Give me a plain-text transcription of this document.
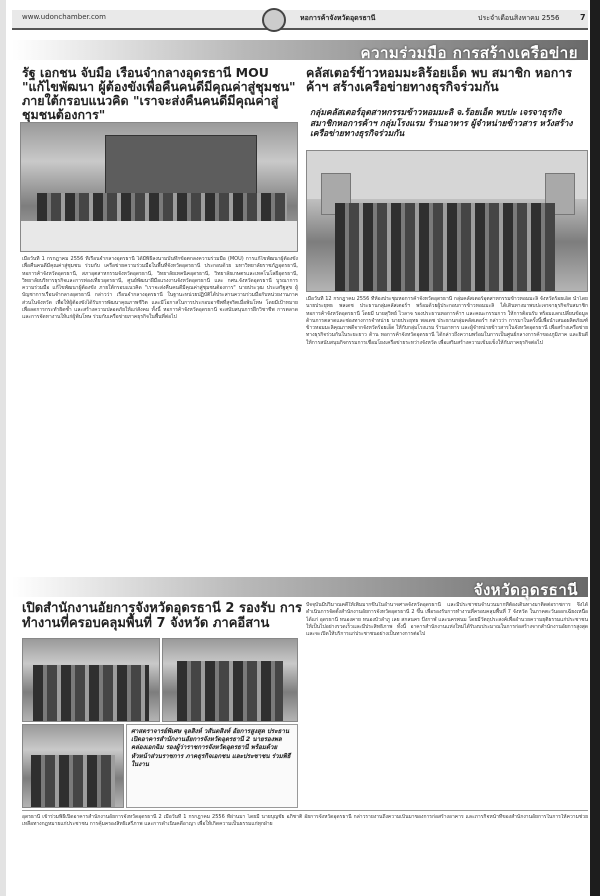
www.udonchamber.com	หอการค้าจังหวัดอุดรธานี	ประจำเดือนสิงหาคม 2556	7
ความร่วมมือ การสร้างเครือข่าย
รัฐ เอกชน จับมือ เรือนจำกลางอุดรธานี MOU "แก้ไขพัฒนา ผู้ต้องขังเพื่อคืนคนดีมีคุณค่าสู่ชุมชน" ภายใต้กรอบแนวคิด "เราจะส่งคืนคนดีมีคุณค่าสู่ชุมชนต้องการ"
เมื่อวันที่ 1 กรกฎาคม 2556 ที่เรือนจำกลางอุดรธานี ได้มีพิธีลงนามบันทึกข้อตกลงความร่วมมือ (MOU) การแก้ไขพัฒนาผู้ต้องขังเพื่อคืนคนดีมีคุณค่าสู่ชุมชน ร่วมกับ เครือข่ายความร่วมมือในพื้นที่จังหวัดอุดรธานี ประกอบด้วย มหาวิทยาลัยราชภัฏอุดรธานี, หอการค้าจังหวัดอุดรธานี, สภาอุตสาหกรรมจังหวัดอุดรธานี, วิทยาลัยเทคนิคอุดรธานี, วิทยาลัยเกษตรและเทคโนโลยีอุดรธานี, วิทยาลัยบริหารธุรกิจและการท่องเที่ยวอุดรธานี, ศูนย์พัฒนาฝีมือแรงงานจังหวัดอุดรธานี และ กศน.จังหวัดอุดรธานี บูรณาการความร่วมมือ แก้ไขพัฒนาผู้ต้องขัง ภายใต้กรอบแนวคิด "เราจะส่งคืนคนดีมีคุณค่าสู่ชุมชนต้องการ" นายประวุฒ ประเสริฐสุข ผู้บัญชาการเรือนจำกลางอุดรธานี กล่าวว่า เรือนจำกลางอุดรธานี ในฐานะหน่วยปฏิบัติได้ประสานความร่วมมือกับหน่วยงานภาคส่วนในจังหวัด เพื่อให้ผู้ต้องขังได้รับการพัฒนาคุณภาพชีวิต และมีโอกาสในการประกอบอาชีพที่สุจริตเมื่อพ้นโทษ โดยมีเป้าหมายเพื่อลดการกระทำผิดซ้ำ และสร้างความปลอดภัยให้แก่สังคม ทั้งนี้ หอการค้าจังหวัดอุดรธานี จะสนับสนุนการฝึกวิชาชีพ การตลาด และการจัดหางานให้แก่ผู้พ้นโทษ ร่วมกับเครือข่ายภาคธุรกิจในพื้นที่ต่อไป
คลัสเตอร์ข้าวหอมมะลิร้อยเอ็ด พบ สมาชิก หอการค้าฯ สร้างเครือข่ายทางธุรกิจร่วมกัน
กลุ่มคลัสเตอร์อุตสาหกรรมข้าวหอมมะลิ จ.ร้อยเอ็ด พบปะ เจรจาธุรกิจ สมาชิกหอการค้าฯ กลุ่มโรงแรม ร้านอาหาร ผู้จำหน่ายข้าวสาร หวังสร้างเครือข่ายทางธุรกิจร่วมกัน
เมื่อวันที่ 12 กรกฎาคม 2556 ที่ห้องประชุมหอการค้าจังหวัดอุดรธานี กลุ่มคลัสเตอร์อุตสาหกรรมข้าวหอมมะลิ จังหวัดร้อยเอ็ด นำโดย นายประยุทธ พลเดช ประธานกลุ่มคลัสเตอร์ฯ พร้อมด้วยผู้ประกอบการข้าวหอมมะลิ ได้เดินทางมาพบปะเจรจาธุรกิจกับสมาชิกหอการค้าจังหวัดอุดรธานี โดยมี นายสุวิทย์ ไวลาจ รองประธานหอการค้าฯ และคณะกรรมการ ให้การต้อนรับ พร้อมแลกเปลี่ยนข้อมูลด้านการตลาดและช่องทางการจำหน่าย นายประยุทธ พลเดช ประธานกลุ่มคลัสเตอร์ฯ กล่าวว่า การมาในครั้งนี้เพื่อนำเสนอผลิตภัณฑ์ข้าวหอมมะลิคุณภาพดีจากจังหวัดร้อยเอ็ด ให้กับกลุ่มโรงแรม ร้านอาหาร และผู้จำหน่ายข้าวสารในจังหวัดอุดรธานี เพื่อสร้างเครือข่ายทางธุรกิจร่วมกันในระยะยาว ด้าน หอการค้าจังหวัดอุดรธานี ได้กล่าวถึงความพร้อมในการเป็นศูนย์กลางการค้าของภูมิภาค และยินดีให้การสนับสนุนกิจกรรมการเชื่อมโยงเครือข่ายระหว่างจังหวัด เพื่อเสริมสร้างความเข้มแข็งให้กับภาคธุรกิจต่อไป
จังหวัดอุดรธานี
เปิดสำนักงานอัยการจังหวัดอุดรธานี 2 รองรับ การทำงานที่ครอบคลุมพื้นที่ 7 จังหวัด ภาคอีสาน
ศาสตราจารย์พิเศษ จุลสิงห์ วสันตสิงห์ อัยการสูงสุด ประธานเปิดอาคารสำนักงานอัยการจังหวัดอุดรธานี 2 นายรองพล คล่องเอกฉิม รองผู้ว่าราชการจังหวัดอุดรธานี พร้อมด้วยหัวหน้าส่วนราชการ ภาคธุรกิจเอกชน และประชาชน ร่วมพิธีในงาน
ปัจจุบันมีปริมาณคดีให้เพิ่มมากขึ้นในอำนาจศาลจังหวัดอุดรธานี และมีประชาชนจำนวนมากที่ต้องเดินทางมาติดต่อราชการ จึงได้ดำเนินการจัดตั้งสำนักงานอัยการจังหวัดอุดรธานี 2 ขึ้น เพื่อรองรับการทำงานที่ครอบคลุมพื้นที่ 7 จังหวัด ในภาคตะวันออกเฉียงเหนือ ได้แก่ อุดรธานี หนองคาย หนองบัวลำภู เลย สกลนคร บึงกาฬ และนครพนม โดยมีวัตถุประสงค์เพื่ออำนวยความยุติธรรมแก่ประชาชนให้เป็นไปอย่างรวดเร็วและมีประสิทธิภาพ ทั้งนี้ อาคารสำนักงานแห่งใหม่ได้รับงบประมาณในการก่อสร้างจากสำนักงานอัยการสูงสุด และจะเปิดให้บริการแก่ประชาชนอย่างเป็นทางการต่อไป
อุดรธานี เข้าร่วมพิธีเปิดอาคารสำนักงานอัยการจังหวัดอุดรธานี 2 เมื่อวันที่ 1 กรกฎาคม 2556 ที่ผ่านมา โดยมี นายบุญชัย อภิชาติ อัยการจังหวัดอุดรธานี กล่าวรายงานถึงความเป็นมาของการก่อสร้างอาคาร และภารกิจหน้าที่ของสำนักงานอัยการในการให้ความช่วยเหลือทางกฎหมายแก่ประชาชน การคุ้มครองสิทธิเสรีภาพ และการดำเนินคดีอาญา เพื่อให้เกิดความเป็นธรรมแก่ทุกฝ่าย
